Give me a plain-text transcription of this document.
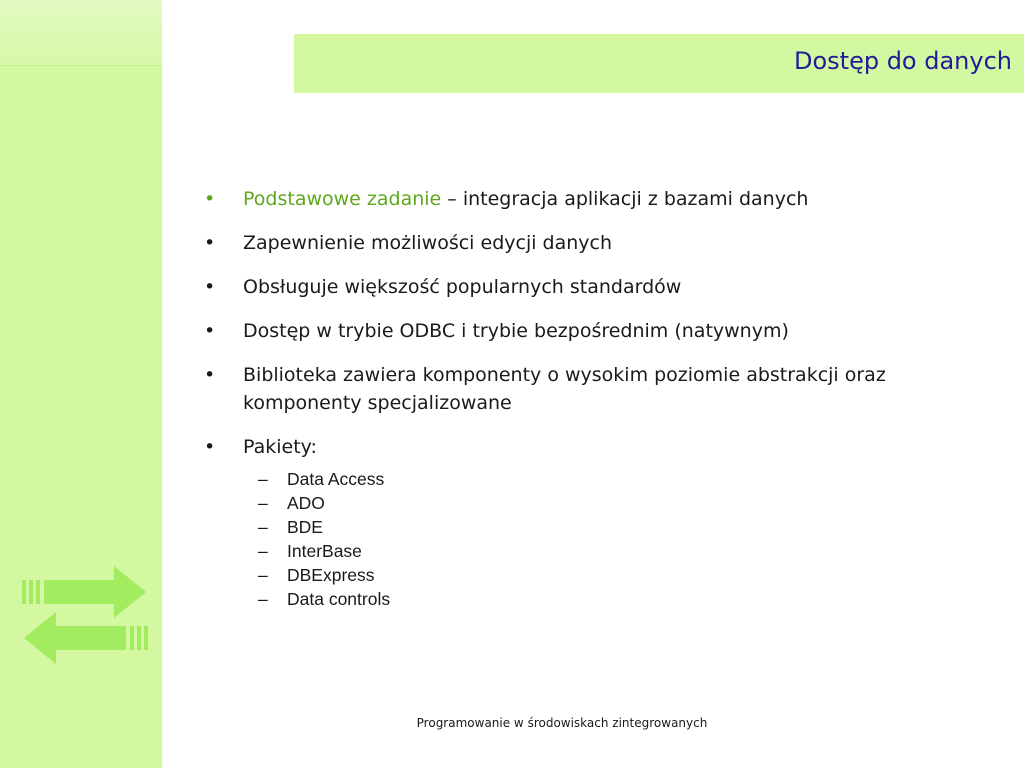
Dostęp do danych
• Podstawowe zadanie – integracja aplikacji z bazami danych
• Zapewnienie możliwości edycji danych
• Obsługuje większość popularnych standardów
• Dostęp w trybie ODBC i trybie bezpośrednim (natywnym)
• Biblioteka zawiera komponenty o wysokim poziomie abstrakcji oraz komponenty specjalizowane
• Pakiety:
– Data Access
– ADO
– BDE
– InterBase
– DBExpress
– Data controls
Programowanie w środowiskach zintegrowanych
